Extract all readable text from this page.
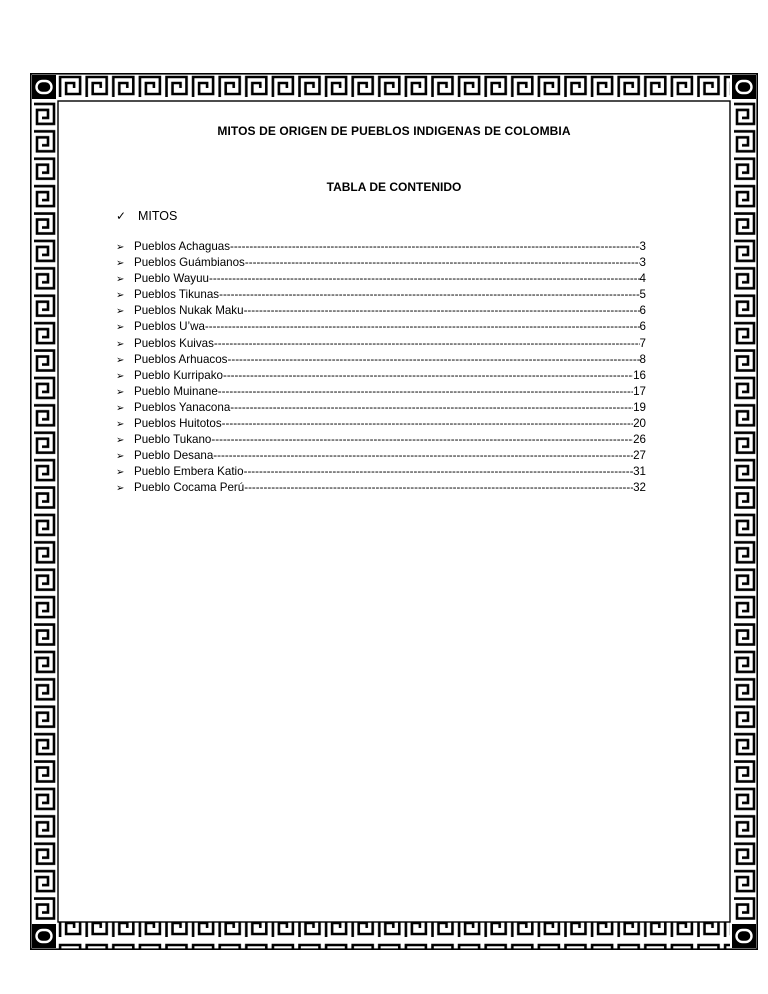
MITOS DE ORIGEN DE PUEBLOS INDIGENAS DE COLOMBIA
TABLA DE CONTENIDO
✓ MITOS
➢ Pueblos Achaguas -----	3
➢ Pueblos Guámbianos -----	3
➢ Pueblo Wayuu -----	4
➢ Pueblos Tikunas -----	5
➢ Pueblos Nukak Maku -----	6
➢ Pueblos U’wa -----	6
➢ Pueblos Kuivas -----	7
➢ Pueblos Arhuacos -----	8
➢ Pueblo Kurripako -----	16
➢ Pueblo Muinane -----	17
➢ Pueblos Yanacona -----	19
➢ Pueblos Huitotos -----	20
➢ Pueblo Tukano -----	26
➢ Pueblo Desana -----	27
➢ Pueblo Embera Katio -----	31
➢ Pueblo Cocama Perú -----	32
